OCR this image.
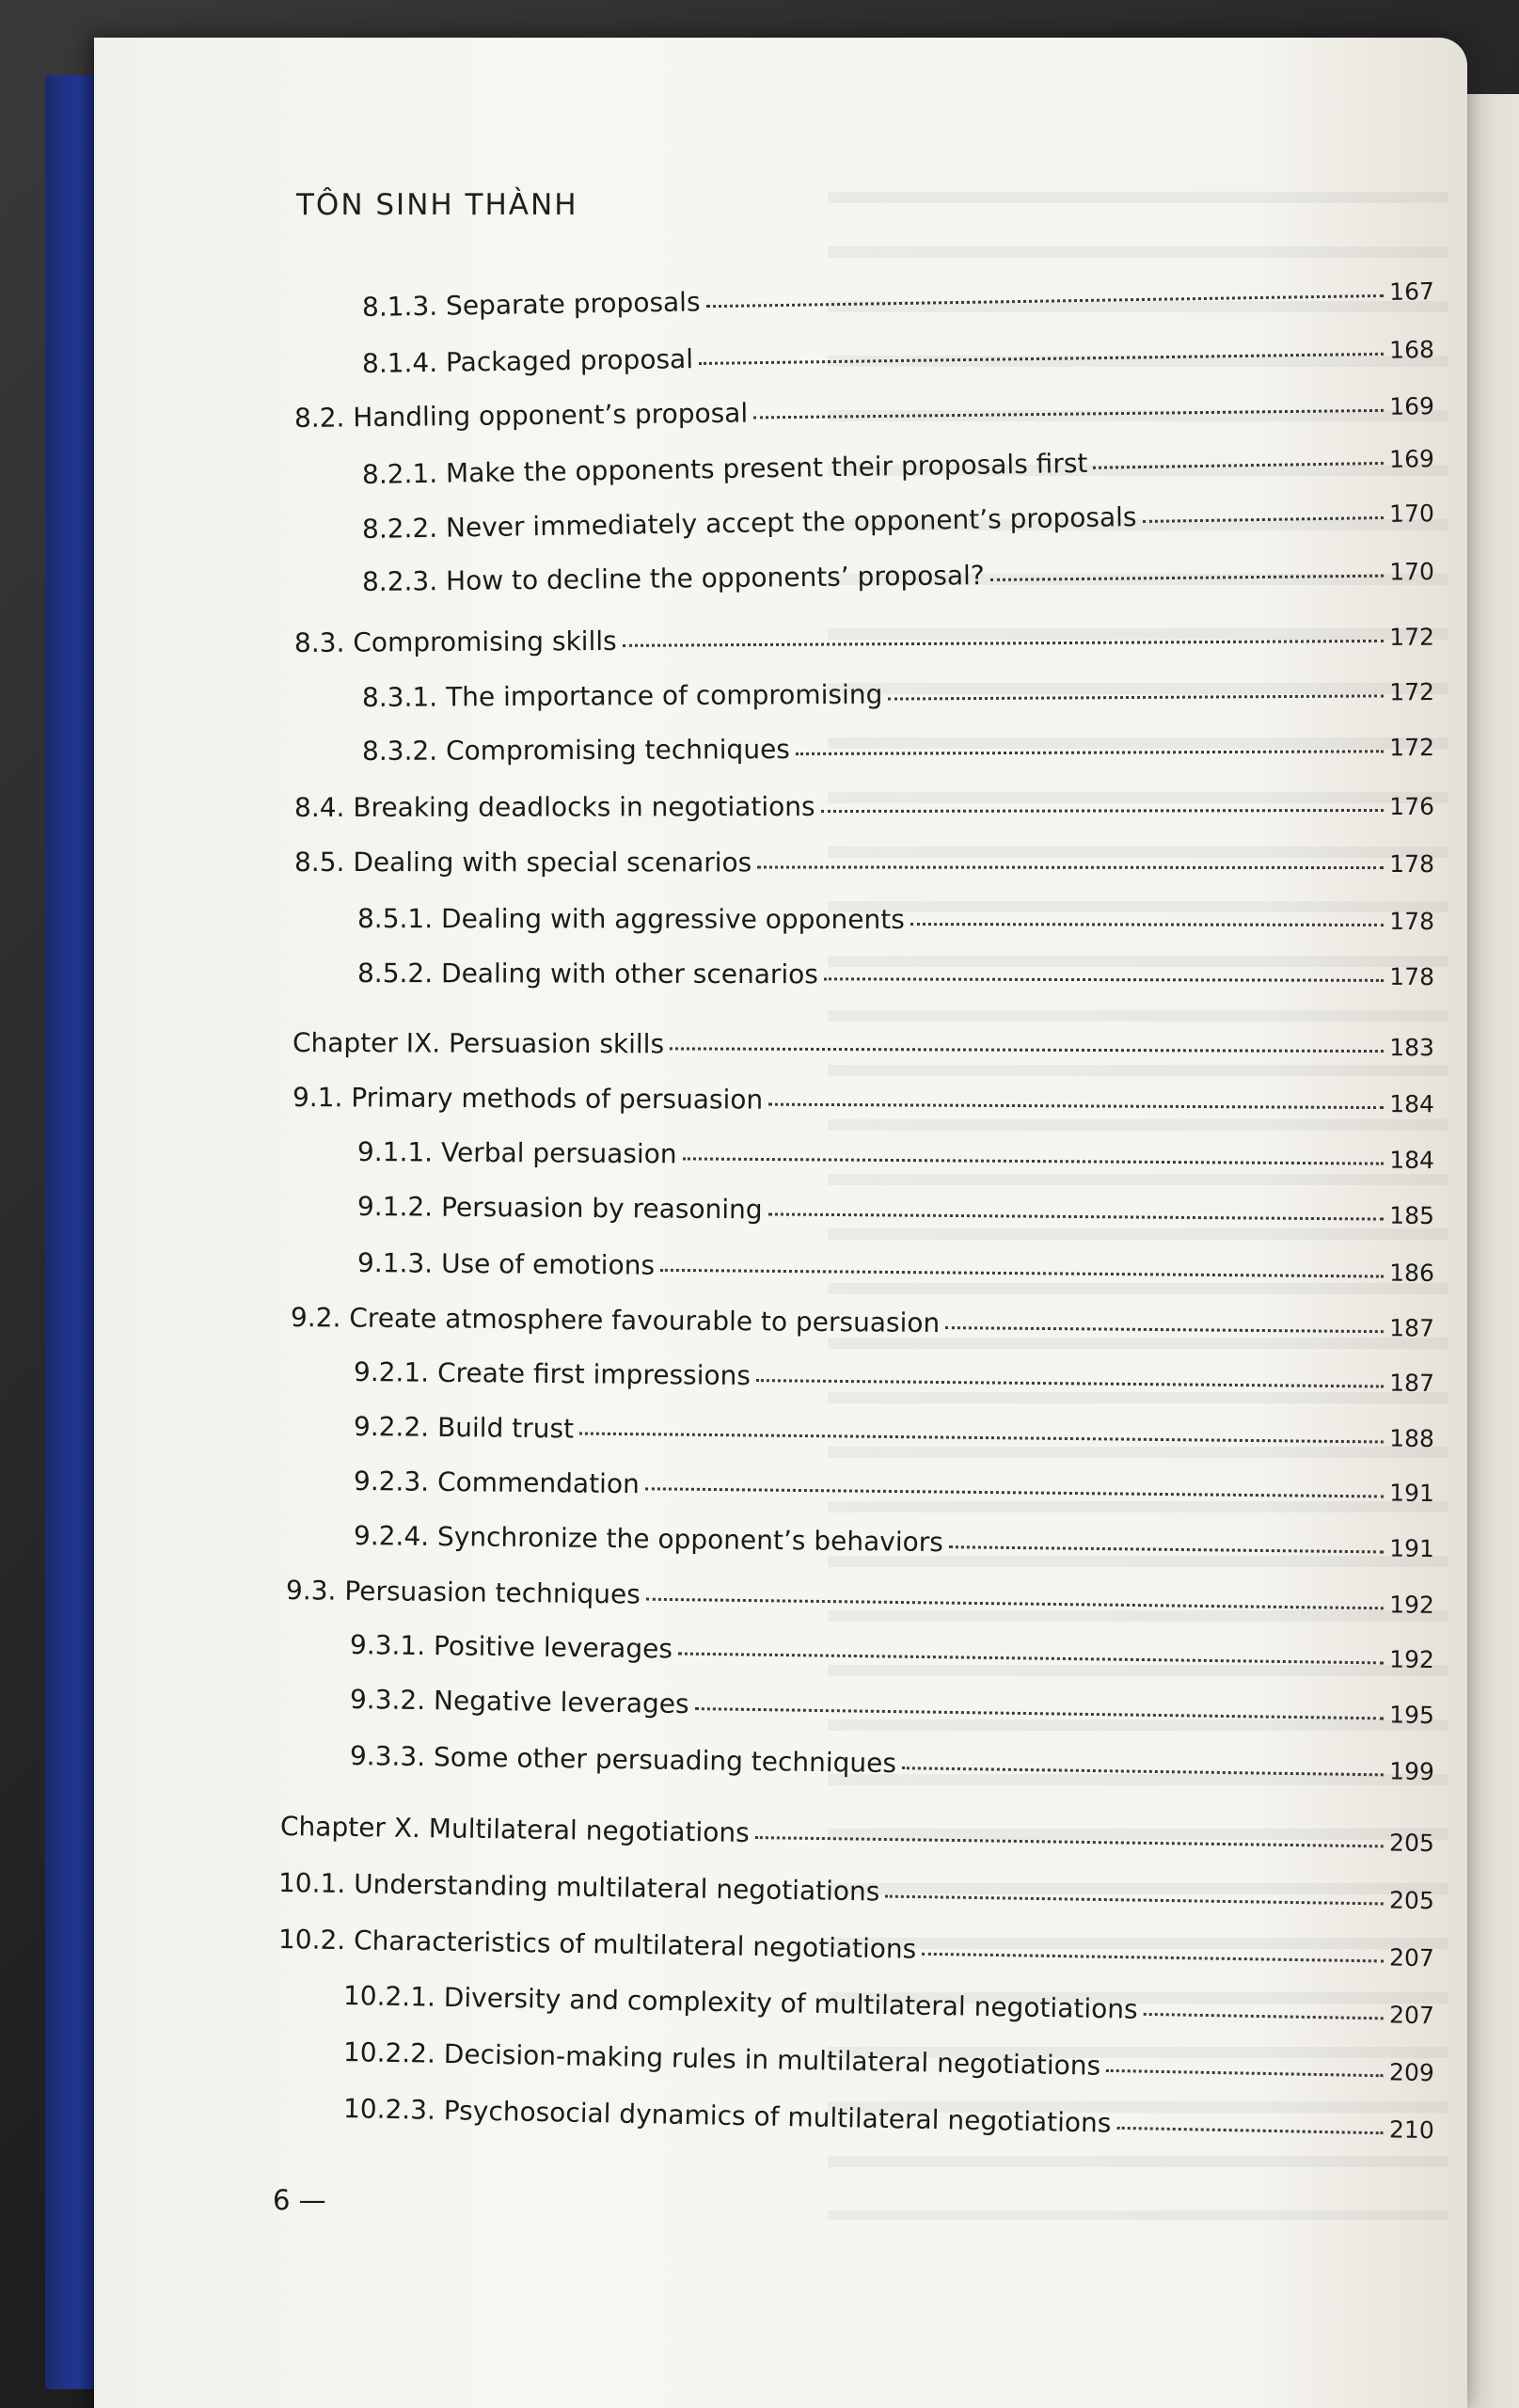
TÔN SINH THÀNH
8.1.3. Separate proposals	167
8.1.4. Packaged proposal	168
8.2. Handling opponent’s proposal	169
8.2.1. Make the opponents present their proposals first	169
8.2.2. Never immediately accept the opponent’s proposals	170
8.2.3. How to decline the opponents’ proposal?	170
8.3. Compromising skills	172
8.3.1. The importance of compromising	172
8.3.2. Compromising techniques	172
8.4. Breaking deadlocks in negotiations	176
8.5. Dealing with special scenarios	178
8.5.1. Dealing with aggressive opponents	178
8.5.2. Dealing with other scenarios	178
Chapter IX. Persuasion skills	183
9.1. Primary methods of persuasion	184
9.1.1. Verbal persuasion	184
9.1.2. Persuasion by reasoning	185
9.1.3. Use of emotions	186
9.2. Create atmosphere favourable to persuasion	187
9.2.1. Create first impressions	187
9.2.2. Build trust	188
9.2.3. Commendation	191
9.2.4. Synchronize the opponent’s behaviors	191
9.3. Persuasion techniques	192
9.3.1. Positive leverages	192
9.3.2. Negative leverages	195
9.3.3. Some other persuading techniques	199
Chapter X. Multilateral negotiations	205
10.1. Understanding multilateral negotiations	205
10.2. Characteristics of multilateral negotiations	207
10.2.1. Diversity and complexity of multilateral negotiations	207
10.2.2. Decision-making rules in multilateral negotiations	209
10.2.3. Psychosocial dynamics of multilateral negotiations	210
6 —
